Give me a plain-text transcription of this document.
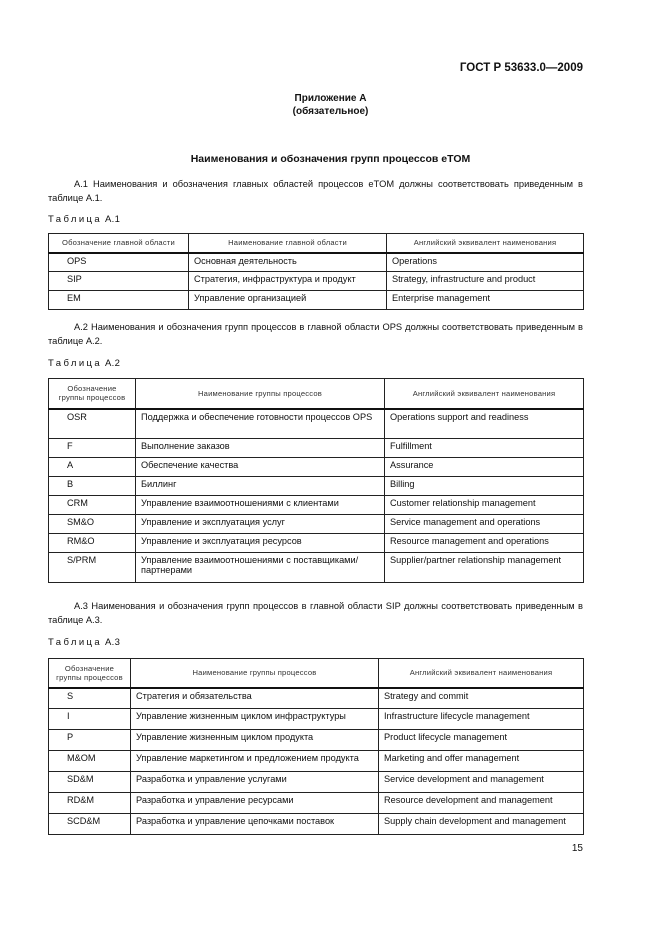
ГОСТ Р 53633.0—2009
Приложение А
(обязательное)
Наименования и обозначения групп процессов eTOM
А.1 Наименования и обозначения главных областей процессов eTOM должны соответствовать приведенным в таблице А.1.
Таблица А.1
Обозначение главной области	Наименование главной области	Английский эквивалент наименования
OPS	Основная деятельность	Operations
SIP	Стратегия, инфраструктура и продукт	Strategy, infrastructure and product
EM	Управление организацией	Enterprise management
А.2 Наименования и обозначения групп процессов в главной области OPS должны соответствовать приведенным в таблице А.2.
Таблица А.2
Обозначение группы процессов	Наименование группы процессов	Английский эквивалент наименования
OSR	Поддержка и обеспечение готовности процессов OPS	Operations support and readiness
F	Выполнение заказов	Fulfillment
A	Обеспечение качества	Assurance
B	Биллинг	Billing
CRM	Управление взаимоотношениями с клиентами	Customer relationship management
SM&O	Управление и эксплуатация услуг	Service management and operations
RM&O	Управление и эксплуатация ресурсов	Resource management and operations
S/PRM	Управление взаимоотношениями с поставщиками/партнерами	Supplier/partner relationship management
А.3 Наименования и обозначения групп процессов в главной области SIP должны соответствовать приведенным в таблице А.3.
Таблица А.3
Обозначение группы процессов	Наименование группы процессов	Английский эквивалент наименования
S	Стратегия и обязательства	Strategy and commit
I	Управление жизненным циклом инфраструктуры	Infrastructure lifecycle management
P	Управление жизненным циклом продукта	Product lifecycle management
M&OM	Управление маркетингом и предложением продукта	Marketing and offer management
SD&M	Разработка и управление услугами	Service development and management
RD&M	Разработка и управление ресурсами	Resource development and management
SCD&M	Разработка и управление цепочками поставок	Supply chain development and management
15
